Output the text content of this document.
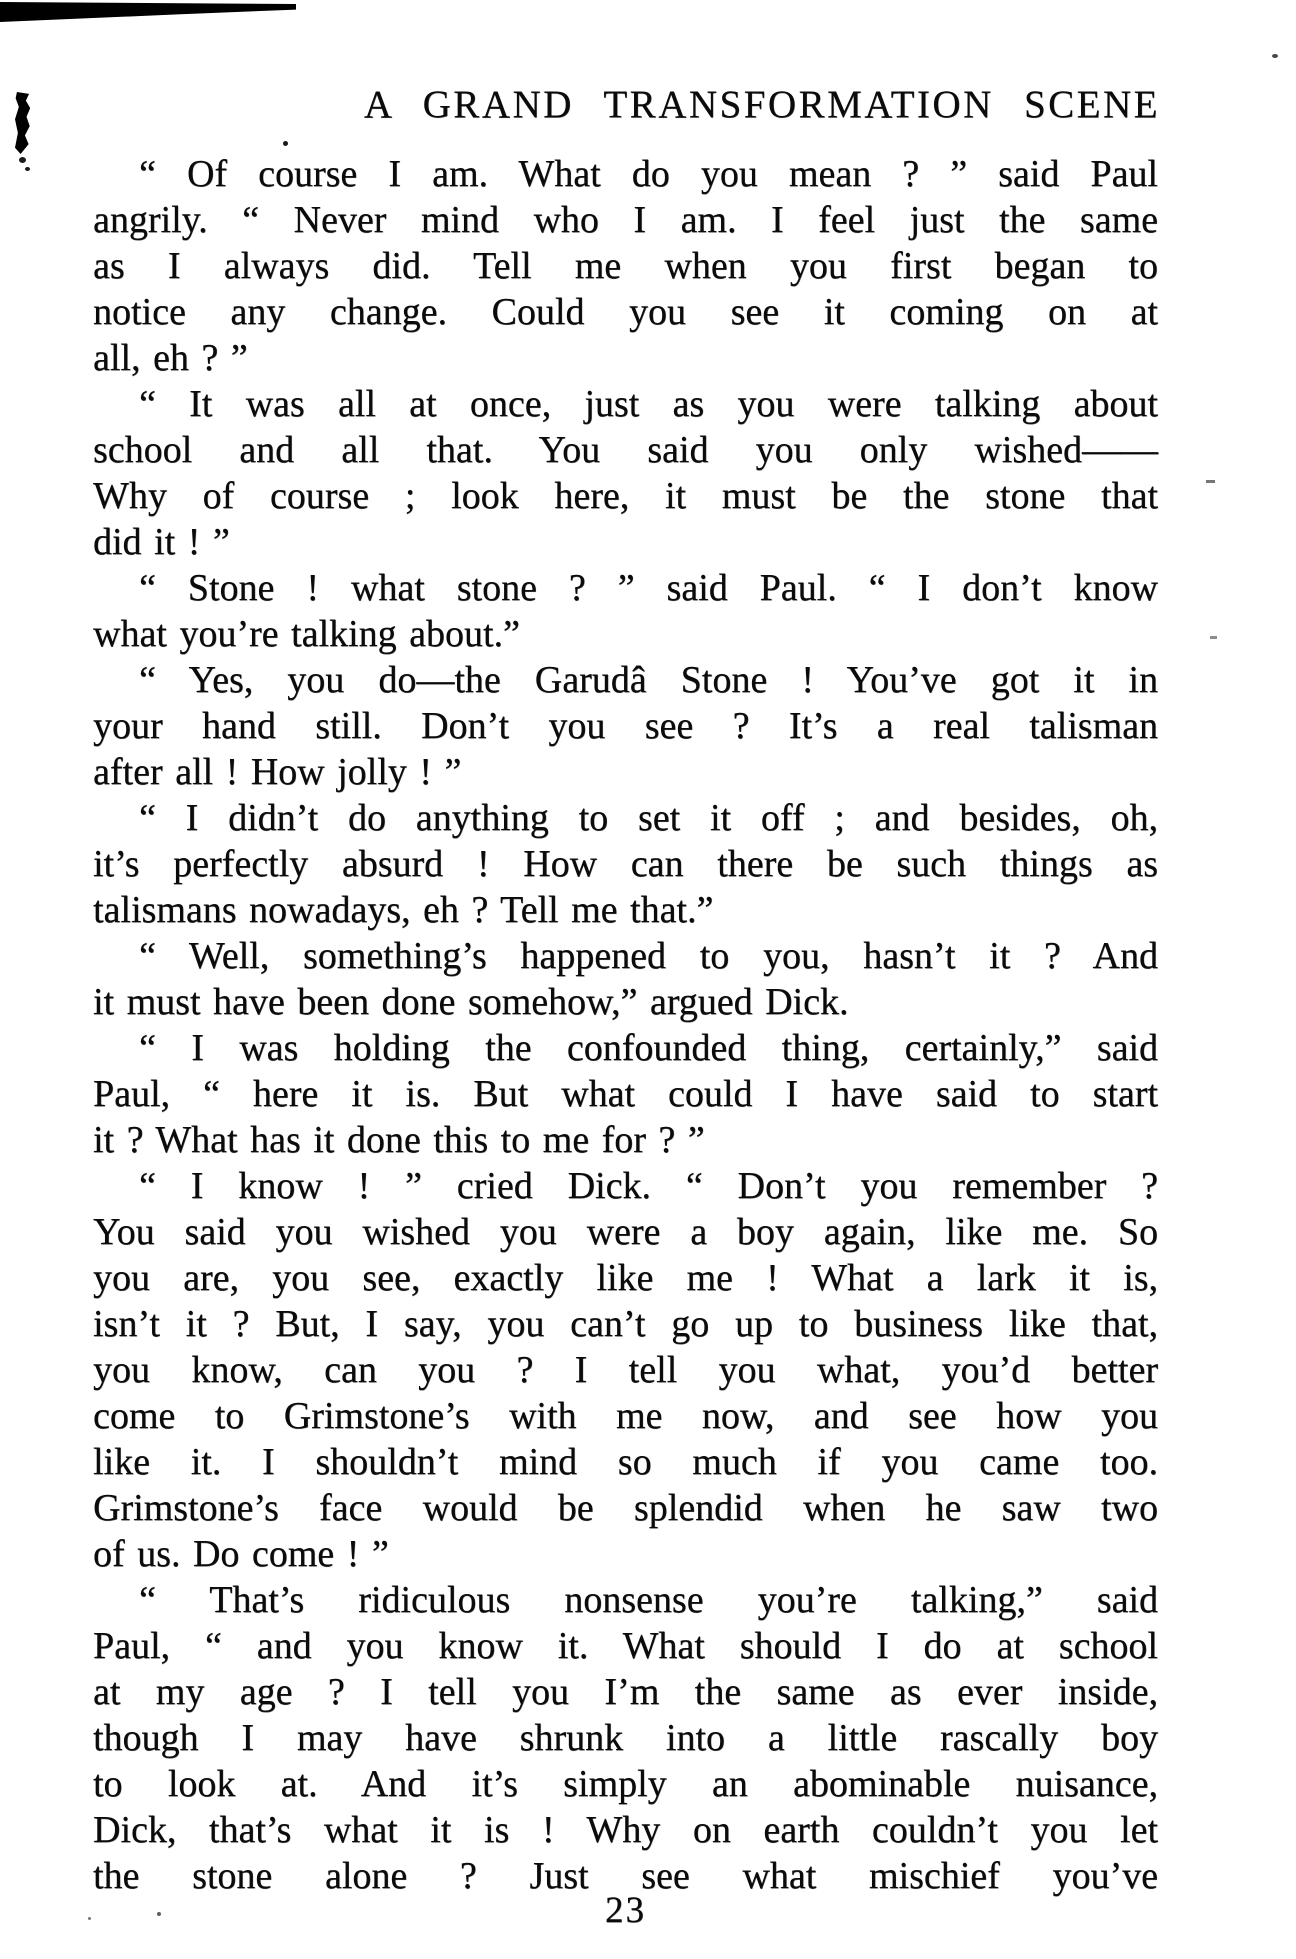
A GRAND TRANSFORMATION SCENE
“ Of course I am. What do you mean ? ” said Paul
angrily. “ Never mind who I am. I feel just the same
as I always did. Tell me when you first began to
notice any change. Could you see it coming on at
all, eh ? ”
“ It was all at once, just as you were talking about
school and all that. You said you only wished——
Why of course ; look here, it must be the stone that
did it ! ”
“ Stone ! what stone ? ” said Paul. “ I don’t know
what you’re talking about.”
“ Yes, you do—the Garudâ Stone ! You’ve got it in
your hand still. Don’t you see ? It’s a real talisman
after all ! How jolly ! ”
“ I didn’t do anything to set it off ; and besides, oh,
it’s perfectly absurd ! How can there be such things as
talismans nowadays, eh ? Tell me that.”
“ Well, something’s happened to you, hasn’t it ? And
it must have been done somehow,” argued Dick.
“ I was holding the confounded thing, certainly,” said
Paul, “ here it is. But what could I have said to start
it ? What has it done this to me for ? ”
“ I know ! ” cried Dick. “ Don’t you remember ?
You said you wished you were a boy again, like me. So
you are, you see, exactly like me ! What a lark it is,
isn’t it ? But, I say, you can’t go up to business like that,
you know, can you ? I tell you what, you’d better
come to Grimstone’s with me now, and see how you
like it. I shouldn’t mind so much if you came too.
Grimstone’s face would be splendid when he saw two
of us. Do come ! ”
“ That’s ridiculous nonsense you’re talking,” said
Paul, “ and you know it. What should I do at school
at my age ? I tell you I’m the same as ever inside,
though I may have shrunk into a little rascally boy
to look at. And it’s simply an abominable nuisance,
Dick, that’s what it is ! Why on earth couldn’t you let
the stone alone ? Just see what mischief you’ve
23
